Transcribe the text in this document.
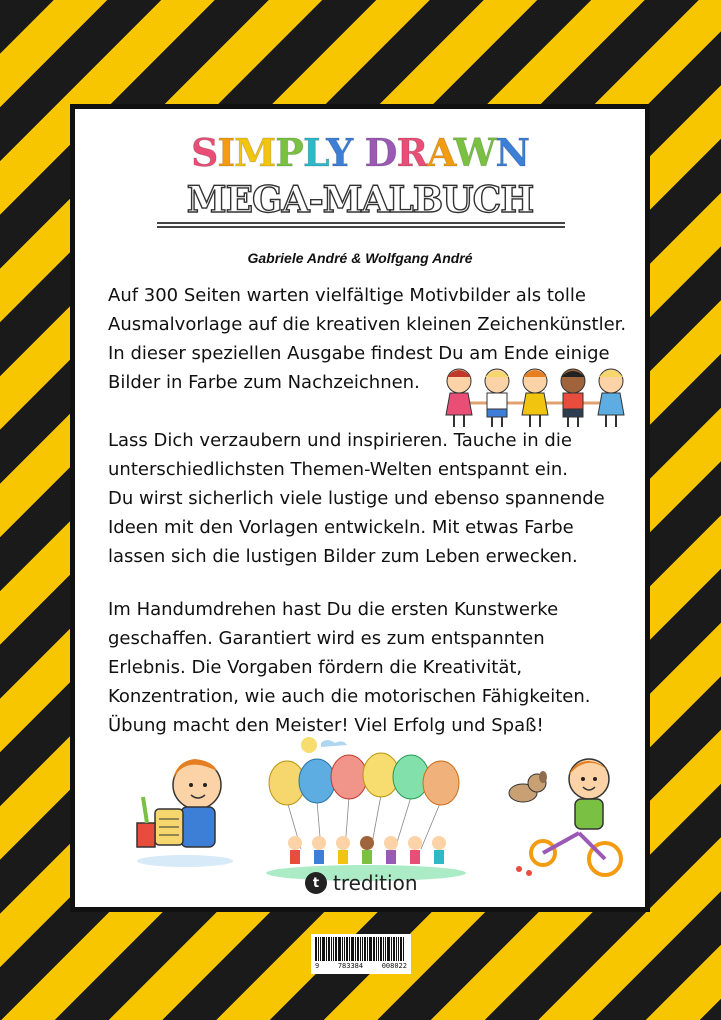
SIMPLY DRAWN
MEGA-MALBUCH
Gabriele André & Wolfgang André
Auf 300 Seiten warten vielfältige Motivbilder als tolle
Ausmalvorlage auf die kreativen kleinen Zeichenkünstler.
In dieser speziellen Ausgabe findest Du am Ende einige
Bilder in Farbe zum Nachzeichnen.
Lass Dich verzaubern und inspirieren. Tauche in die
unterschiedlichsten Themen-Welten entspannt ein.
Du wirst sicherlich viele lustige und ebenso spannende
Ideen mit den Vorlagen entwickeln. Mit etwas Farbe
lassen sich die lustigen Bilder zum Leben erwecken.
Im Handumdrehen hast Du die ersten Kunstwerke
geschaffen. Garantiert wird es zum entspannten
Erlebnis. Die Vorgaben fördern die Kreativität,
Konzentration, wie auch die motorischen Fähigkeiten.
Übung macht den Meister! Viel Erfolg und Spaß!
t tredition
9	783384	008022
